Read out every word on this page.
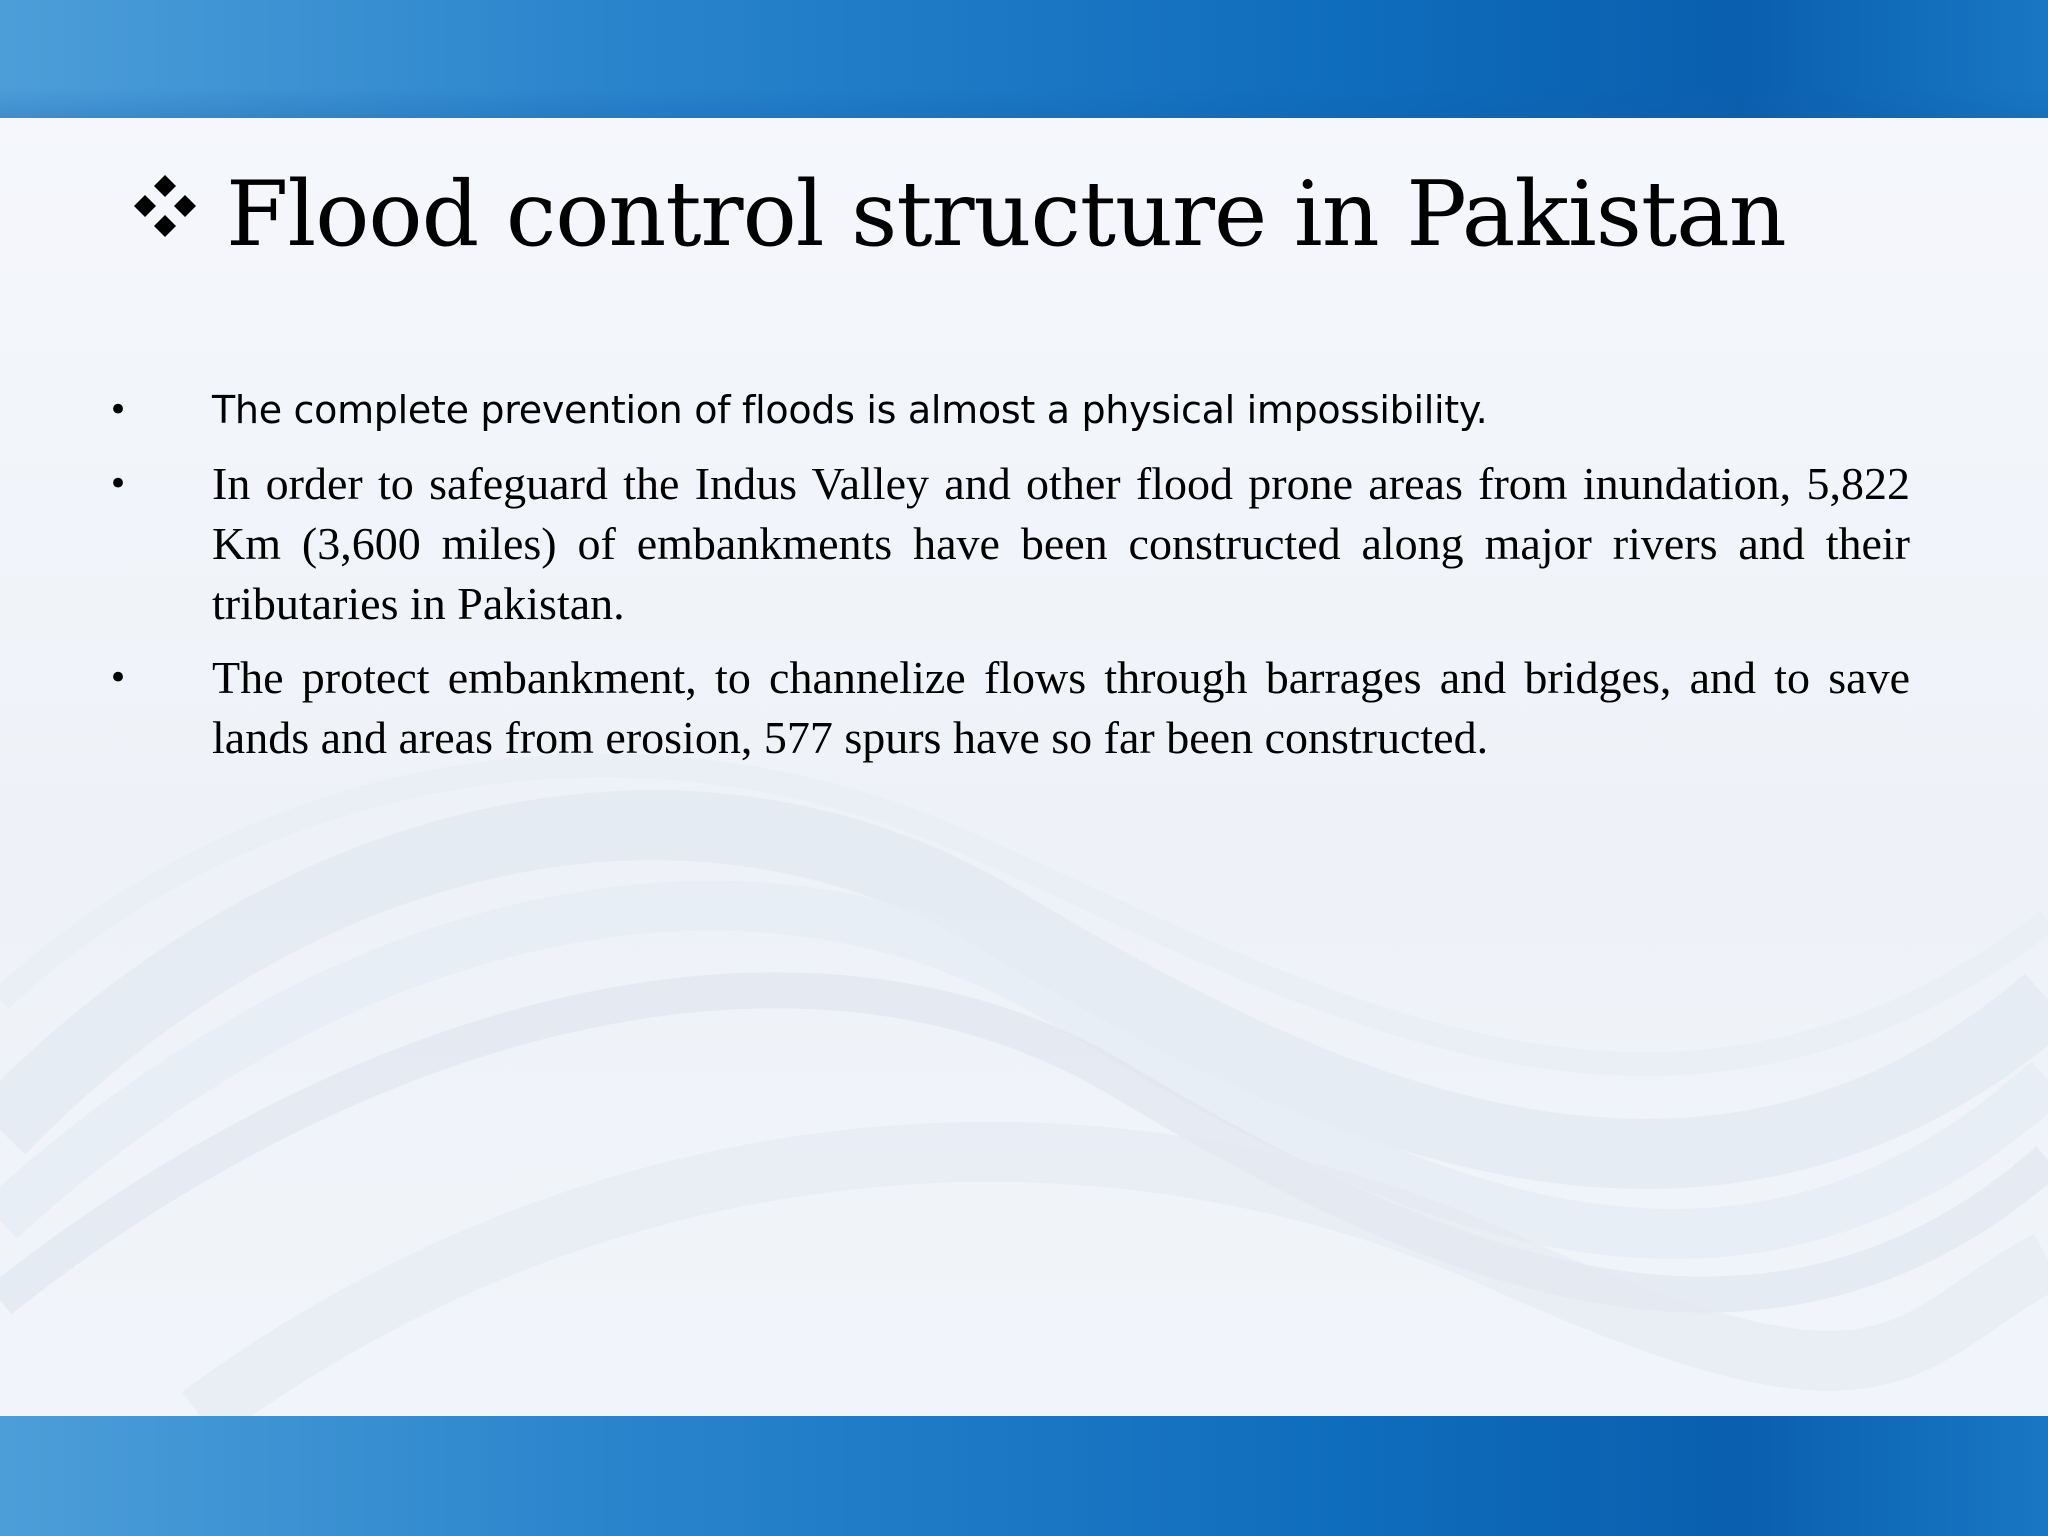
Flood control structure in Pakistan
• The complete prevention of floods is almost a physical impossibility.
• In order to safeguard the Indus Valley and other flood prone areas from inundation, 5,822 Km (3,600 miles) of embankments have been constructed along major rivers and their tributaries in Pakistan.
• The protect embankment, to channelize flows through barrages and bridges, and to save lands and areas from erosion, 577 spurs have so far been constructed.
